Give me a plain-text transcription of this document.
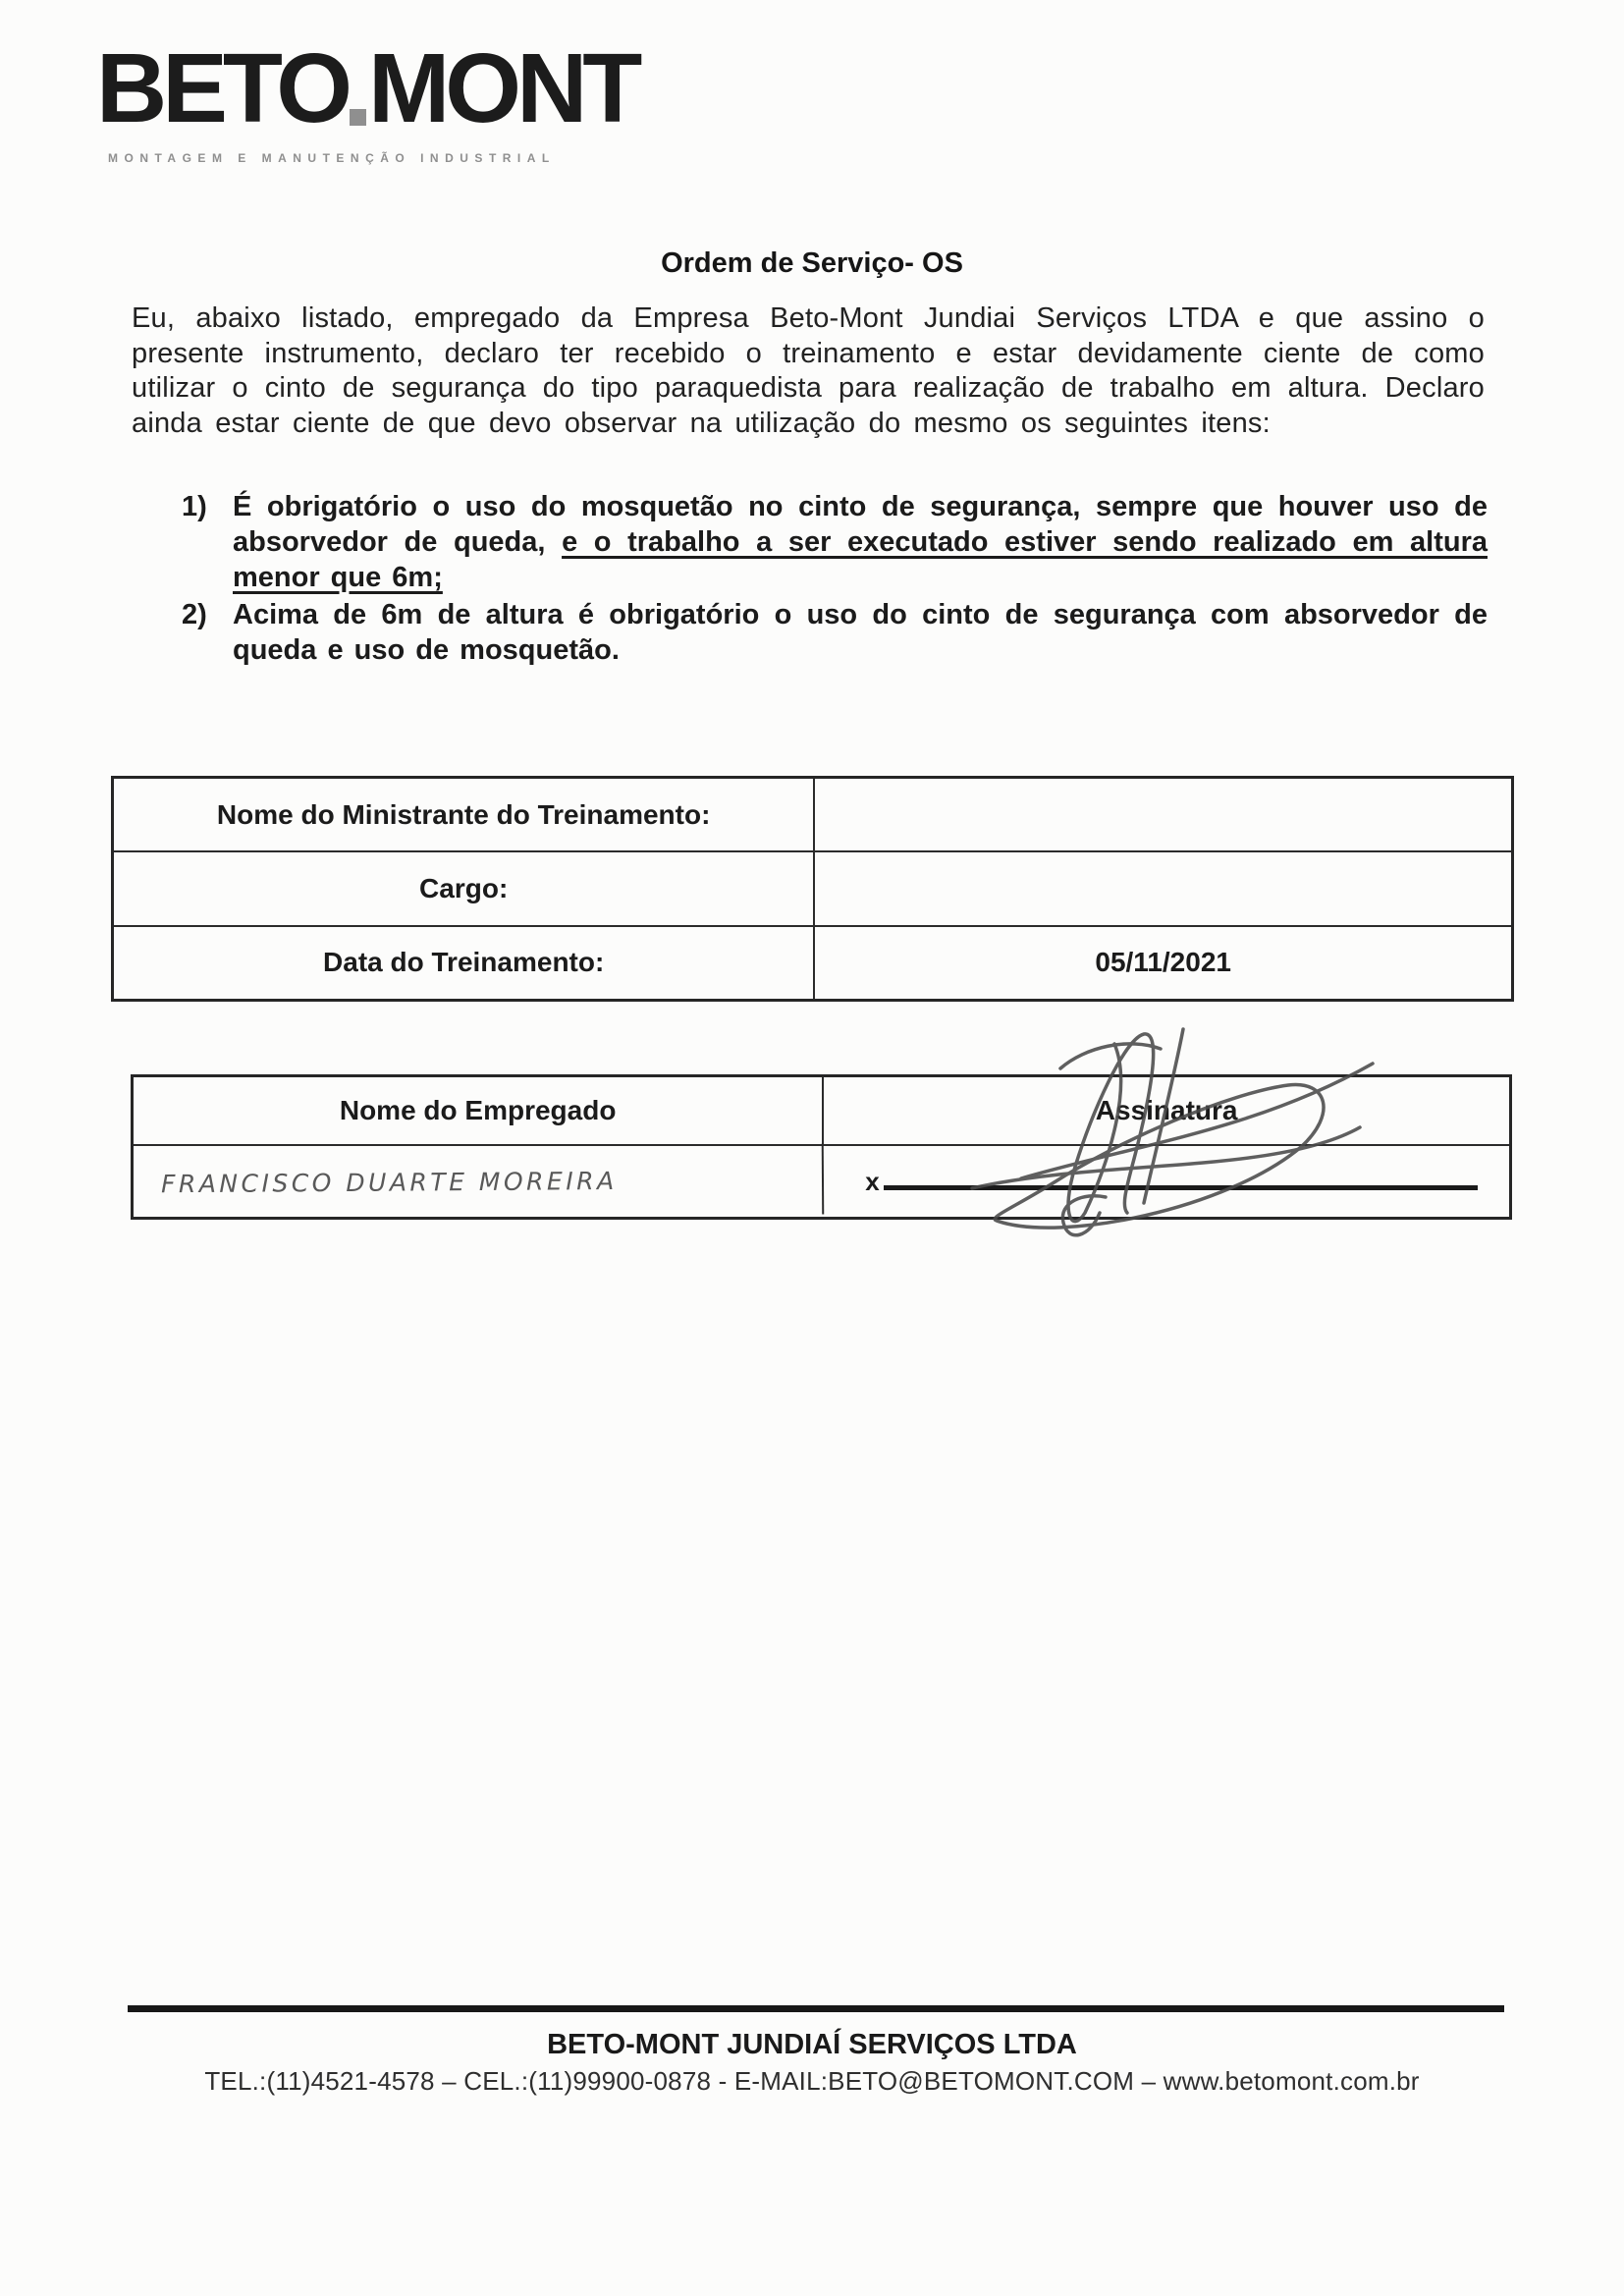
BETO MONT
MONTAGEM E MANUTENÇÃO INDUSTRIAL
Ordem de Serviço- OS

Eu, abaixo listado, empregado da Empresa Beto-Mont Jundiai Serviços LTDA e que assino o presente instrumento, declaro ter recebido o treinamento e estar devidamente ciente de como utilizar o cinto de segurança do tipo paraquedista para realização de trabalho em altura. Declaro ainda estar ciente de que devo observar na utilização do mesmo os seguintes itens:

1) É obrigatório o uso do mosquetão no cinto de segurança, sempre que houver uso de absorvedor de queda, e o trabalho a ser executado estiver sendo realizado em altura menor que 6m;
2) Acima de 6m de altura é obrigatório o uso do cinto de segurança com absorvedor de queda e uso de mosquetão.
Nome do Ministrante do Treinamento:
Cargo:
Data do Treinamento:	05/11/2021
Nome do Empregado	Assinatura
FRANCISCO DUARTE MOREIRA	x
BETO-MONT JUNDIAÍ SERVIÇOS LTDA
TEL.:(11)4521-4578 – CEL.:(11)99900-0878 - E-MAIL:BETO@BETOMONT.COM – www.betomont.com.br
